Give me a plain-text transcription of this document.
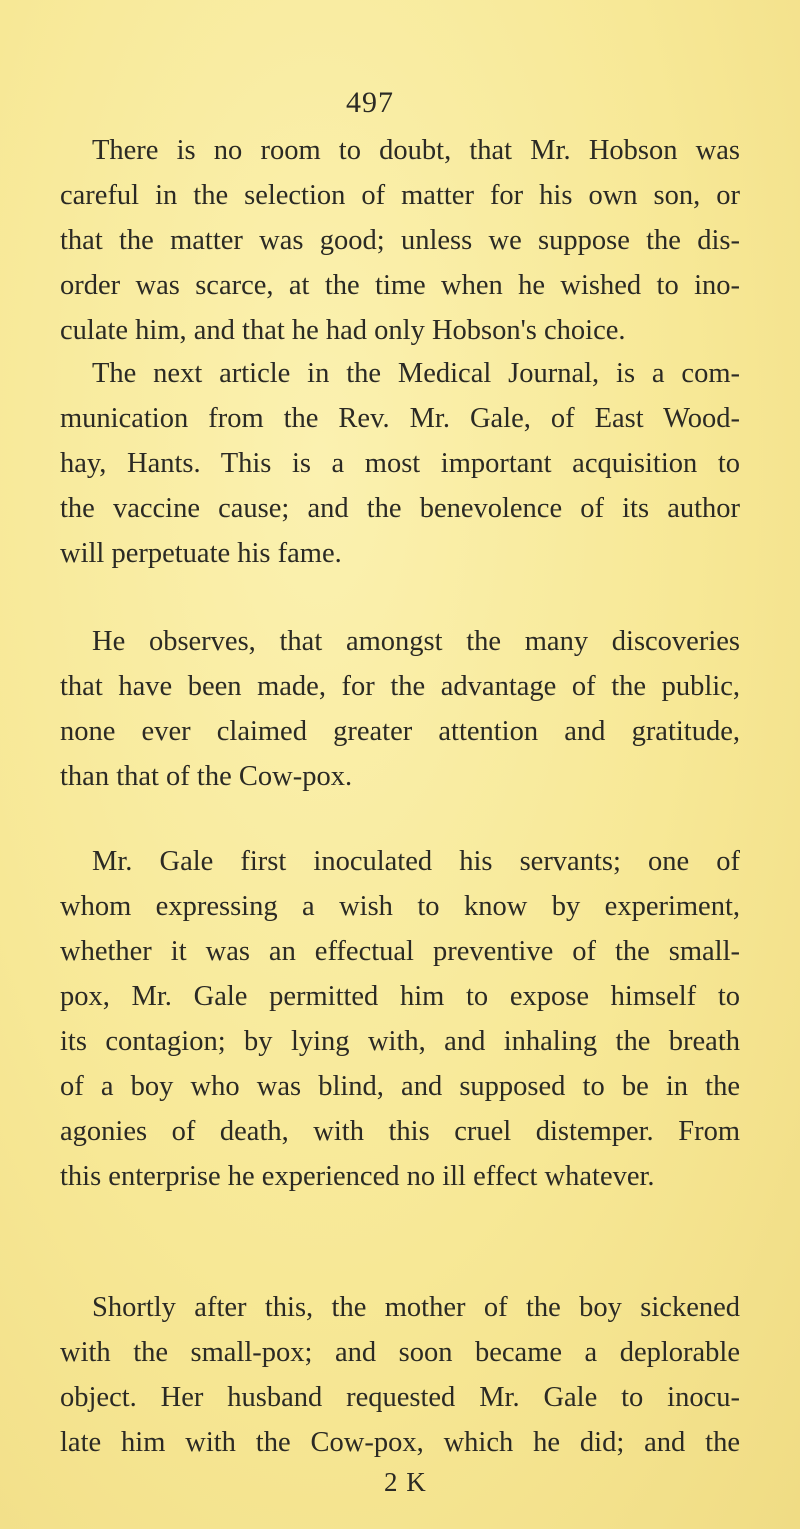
497
There is no room to doubt, that Mr. Hobson was
careful in the selection of matter for his own son, or
that the matter was good; unless we suppose the dis-
order was scarce, at the time when he wished to ino-
culate him, and that he had only Hobson's choice.
The next article in the Medical Journal, is a com-
munication from the Rev. Mr. Gale, of East Wood-
hay, Hants. This is a most important acquisition to
the vaccine cause; and the benevolence of its author
will perpetuate his fame.
He observes, that amongst the many discoveries
that have been made, for the advantage of the public,
none ever claimed greater attention and gratitude,
than that of the Cow-pox.
Mr. Gale first inoculated his servants; one of
whom expressing a wish to know by experiment,
whether it was an effectual preventive of the small-
pox, Mr. Gale permitted him to expose himself to
its contagion; by lying with, and inhaling the breath
of a boy who was blind, and supposed to be in the
agonies of death, with this cruel distemper. From
this enterprise he experienced no ill effect whatever.
Shortly after this, the mother of the boy sickened
with the small-pox; and soon became a deplorable
object. Her husband requested Mr. Gale to inocu-
late him with the Cow-pox, which he did; and the
2 K
